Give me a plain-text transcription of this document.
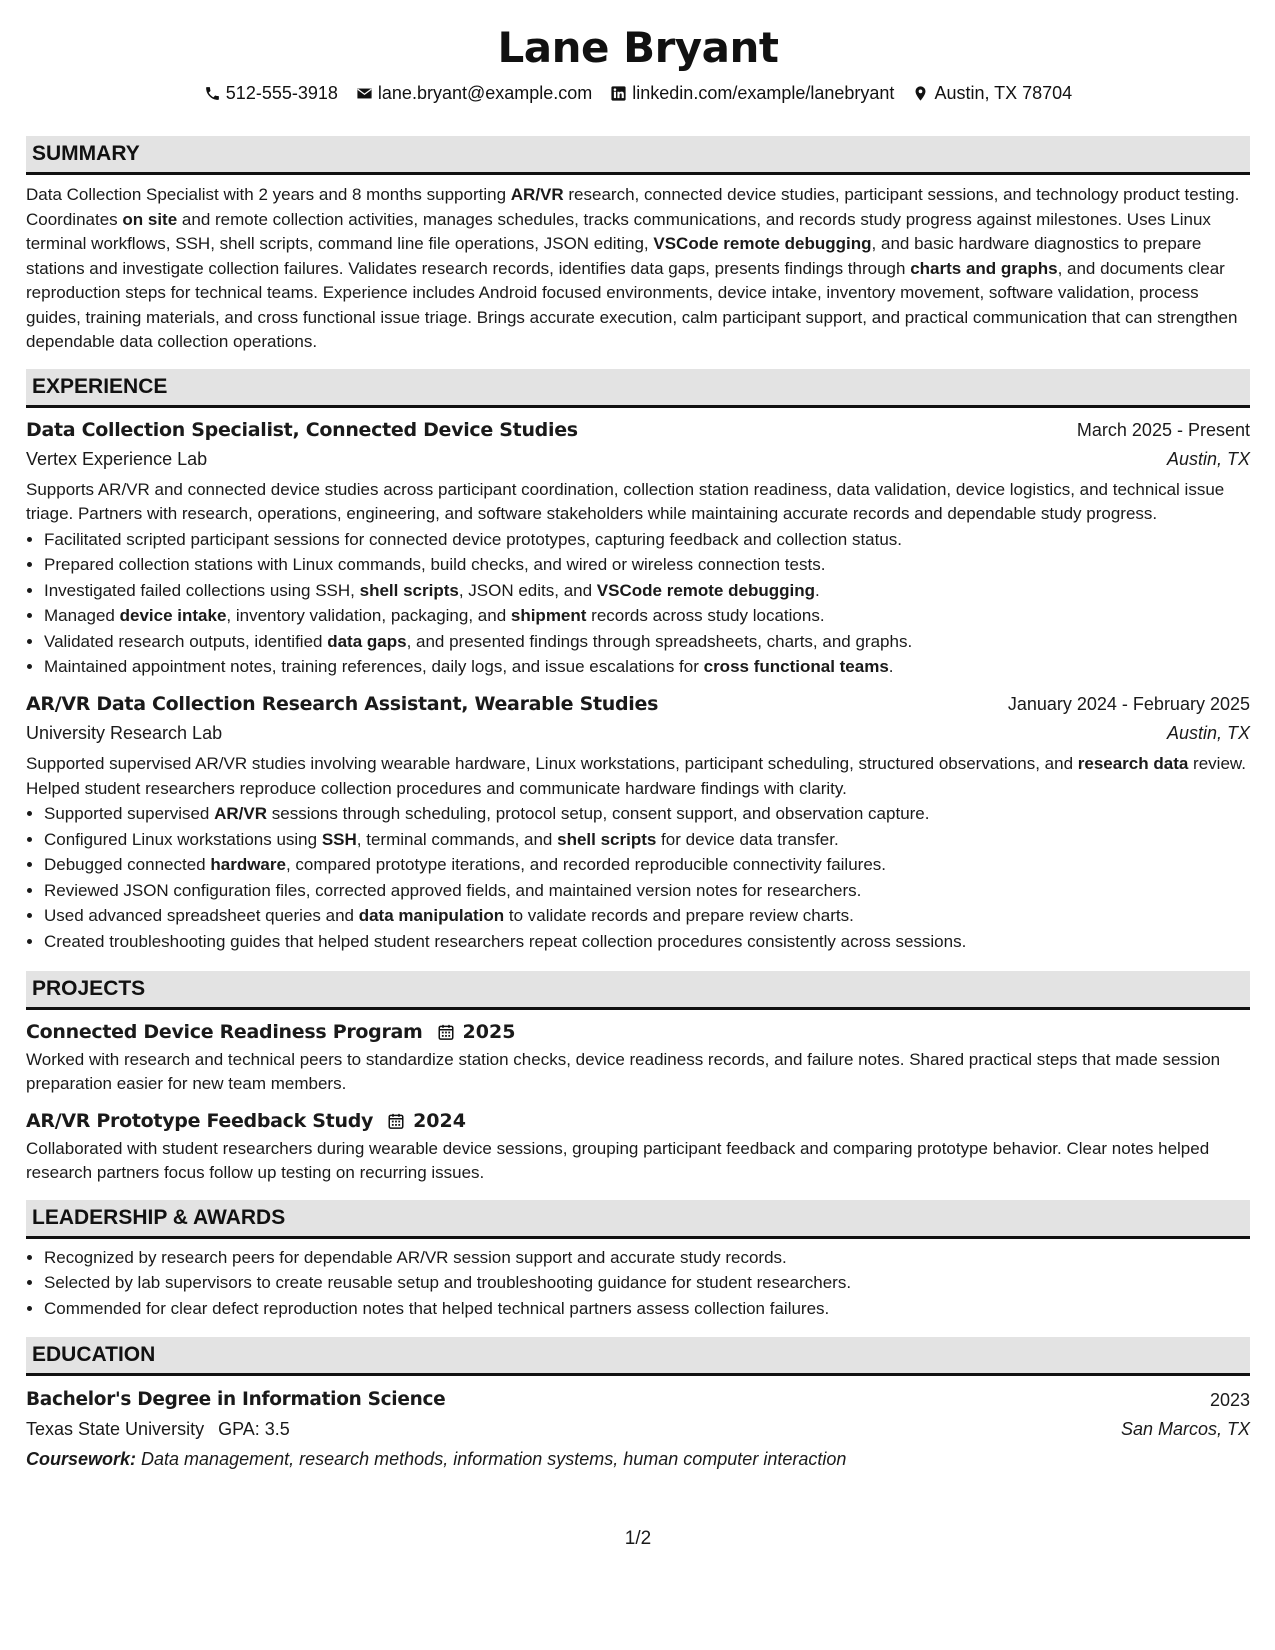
Lane Bryant
512-555-3918 lane.bryant@example.com linkedin.com/example/lanebryant Austin, TX 78704
SUMMARY

Data Collection Specialist with 2 years and 8 months supporting AR/VR research, connected device studies, participant sessions, and technology product testing. Coordinates on site and remote collection activities, manages schedules, tracks communications, and records study progress against milestones. Uses Linux terminal workflows, SSH, shell scripts, command line file operations, JSON editing, VSCode remote debugging, and basic hardware diagnostics to prepare stations and investigate collection failures. Validates research records, identifies data gaps, presents findings through charts and graphs, and documents clear reproduction steps for technical teams. Experience includes Android focused environments, device intake, inventory movement, software validation, process guides, training materials, and cross functional issue triage. Brings accurate execution, calm participant support, and practical communication that can strengthen dependable data collection operations.

EXPERIENCE
Data Collection Specialist, Connected Device Studies	March 2025 - Present
Vertex Experience Lab	Austin, TX

Supports AR/VR and connected device studies across participant coordination, collection station readiness, data validation, device logistics, and technical issue triage. Partners with research, operations, engineering, and software stakeholders while maintaining accurate records and dependable study progress.

• Facilitated scripted participant sessions for connected device prototypes, capturing feedback and collection status.
• Prepared collection stations with Linux commands, build checks, and wired or wireless connection tests.
• Investigated failed collections using SSH, shell scripts, JSON edits, and VSCode remote debugging.
• Managed device intake, inventory validation, packaging, and shipment records across study locations.
• Validated research outputs, identified data gaps, and presented findings through spreadsheets, charts, and graphs.
• Maintained appointment notes, training references, daily logs, and issue escalations for cross functional teams.
AR/VR Data Collection Research Assistant, Wearable Studies	January 2024 - February 2025
University Research Lab	Austin, TX

Supported supervised AR/VR studies involving wearable hardware, Linux workstations, participant scheduling, structured observations, and research data review. Helped student researchers reproduce collection procedures and communicate hardware findings with clarity.

• Supported supervised AR/VR sessions through scheduling, protocol setup, consent support, and observation capture.
• Configured Linux workstations using SSH, terminal commands, and shell scripts for device data transfer.
• Debugged connected hardware, compared prototype iterations, and recorded reproducible connectivity failures.
• Reviewed JSON configuration files, corrected approved fields, and maintained version notes for researchers.
• Used advanced spreadsheet queries and data manipulation to validate records and prepare review charts.
• Created troubleshooting guides that helped student researchers repeat collection procedures consistently across sessions.
PROJECTS
Connected Device Readiness Program 2025

Worked with research and technical peers to standardize station checks, device readiness records, and failure notes. Shared practical steps that made session preparation easier for new team members.

AR/VR Prototype Feedback Study 2024

Collaborated with student researchers during wearable device sessions, grouping participant feedback and comparing prototype behavior. Clear notes helped research partners focus follow up testing on recurring issues.

LEADERSHIP & AWARDS
• Recognized by research peers for dependable AR/VR session support and accurate study records.
• Selected by lab supervisors to create reusable setup and troubleshooting guidance for student researchers.
• Commended for clear defect reproduction notes that helped technical partners assess collection failures.
EDUCATION
Bachelor's Degree in Information Science	2023
Texas State University GPA: 3.5	San Marcos, TX
Coursework: Data management, research methods, information systems, human computer interaction
1/2
